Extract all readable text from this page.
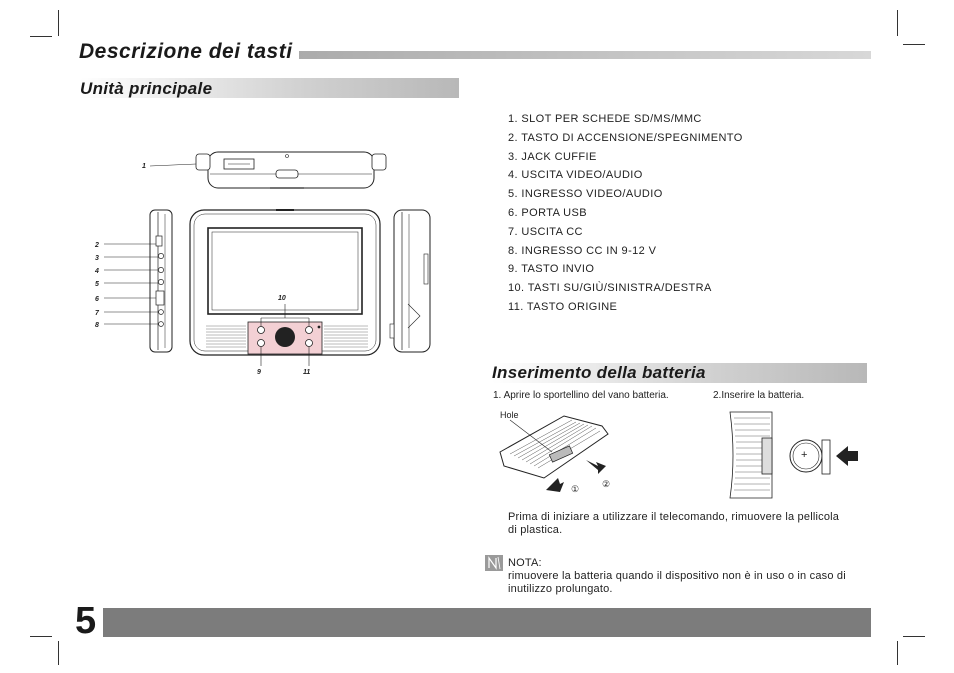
Descrizione dei tasti
Unità principale
1
2
3
4
5
6
7
8
10
9	11
1. SLOT PER SCHEDE SD/MS/MMC
2. TASTO DI ACCENSIONE/SPEGNIMENTO
3. JACK CUFFIE
4. USCITA VIDEO/AUDIO
5. INGRESSO VIDEO/AUDIO
6. PORTA USB
7. USCITA CC
8. INGRESSO CC IN 9-12 V
9. TASTO INVIO
10. TASTI SU/GIÙ/SINISTRA/DESTRA
11. TASTO ORIGINE
Inserimento della batteria
1. Aprire lo sportellino del vano batteria.	2.Inserire la batteria.
Hole
①	②
+
Prima di iniziare a utilizzare il telecomando, rimuovere la pellicola di plastica.
NOTA:
rimuovere la batteria quando il dispositivo non è in uso o in caso di inutilizzo prolungato.
5
